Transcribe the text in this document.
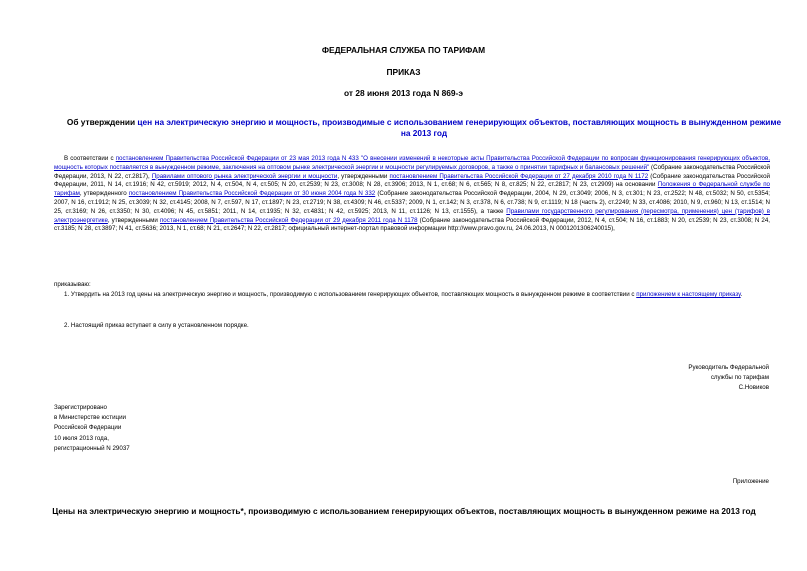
ФЕДЕРАЛЬНАЯ СЛУЖБА ПО ТАРИФАМ
ПРИКАЗ
от 28 июня 2013 года N 869-э
Об утверждении цен на электрическую энергию и мощность, производимые с использованием генерирующих объектов, поставляющих мощность в вынужденном режиме на 2013 год
В соответствии с постановлением Правительства Российской Федерации от 23 мая 2013 года N 433 "О внесении изменений в некоторые акты Правительства Российской Федерации по вопросам функционирования генерирующих объектов, мощность которых поставляется в вынужденном режиме, заключения на оптовом рынке электрической энергии и мощности регулируемых договоров, а также о принятии тарифных и балансовых решений" (Собрание законодательства Российской Федерации, 2013, N 22, ст.2817), Правилами оптового рынка электрической энергии и мощности, утвержденными постановлением Правительства Российской Федерации от 27 декабря 2010 года N 1172 (Собрание законодательства Российской Федерации, 2011, N 14, ст.1916; N 42, ст.5919; 2012, N 4, ст.504, N 4, ст.505; N 20, ст.2539; N 23, ст.3008; N 28, ст.3906; 2013, N 1, ст.68; N 6, ст.565; N 8, ст.825; N 22, ст.2817; N 23, ст.2909) на основании Положения о Федеральной службе по тарифам, утвержденного постановлением Правительства Российской Федерации от 30 июня 2004 года N 332 (Собрание законодательства Российской Федерации, 2004, N 29, ст.3049; 2006, N 3, ст.301; N 23, ст.2522; N 48, ст.5032; N 50, ст.5354; 2007, N 16, ст.1912; N 25, ст.3039; N 32, ст.4145; 2008, N 7, ст.597, N 17, ст.1897; N 23, ст.2719; N 38, ст.4309; N 46, ст.5337; 2009, N 1, ст.142; N 3, ст.378, N 6, ст.738; N 9, ст.1119; N 18 (часть 2), ст.2249; N 33, ст.4086; 2010, N 9, ст.960; N 13, ст.1514; N 25, ст.3169; N 26, ст.3350; N 30, ст.4096; N 45, ст.5851; 2011, N 14, ст.1935; N 32, ст.4831; N 42, ст.5925; 2013, N 11, ст.1126; N 13, ст.1555), а также Правилами государственного регулирования (пересмотра, применения) цен (тарифов) в электроэнергетике, утвержденными постановлением Правительства Российской Федерации от 29 декабря 2011 года N 1178 (Собрание законодательства Российской Федерации, 2012, N 4, ст.504; N 16, ст.1883; N 20, ст.2539; N 23, ст.3008; N 24, ст.3185; N 28, ст.3897; N 41, ст.5636; 2013, N 1, ст.68; N 21, ст.2647; N 22, ст.2817; официальный интернет-портал правовой информации http://www.pravo.gov.ru, 24.06.2013, N 0001201306240015),
приказываю:
1. Утвердить на 2013 год цены на электрическую энергию и мощность, производимую с использованием генерирующих объектов, поставляющих мощность в вынужденном режиме в соответствии с приложением к настоящему приказу.
2. Настоящий приказ вступает в силу в установленном порядке.
Руководитель Федеральной
службы по тарифам
С.Новиков
Зарегистрировано
в Министерстве юстиции
Российской Федерации
10 июля 2013 года,
регистрационный N 29037
Приложение
Цены на электрическую энергию и мощность*, производимую с использованием генерирующих объектов, поставляющих мощность в вынужденном режиме на 2013 год
